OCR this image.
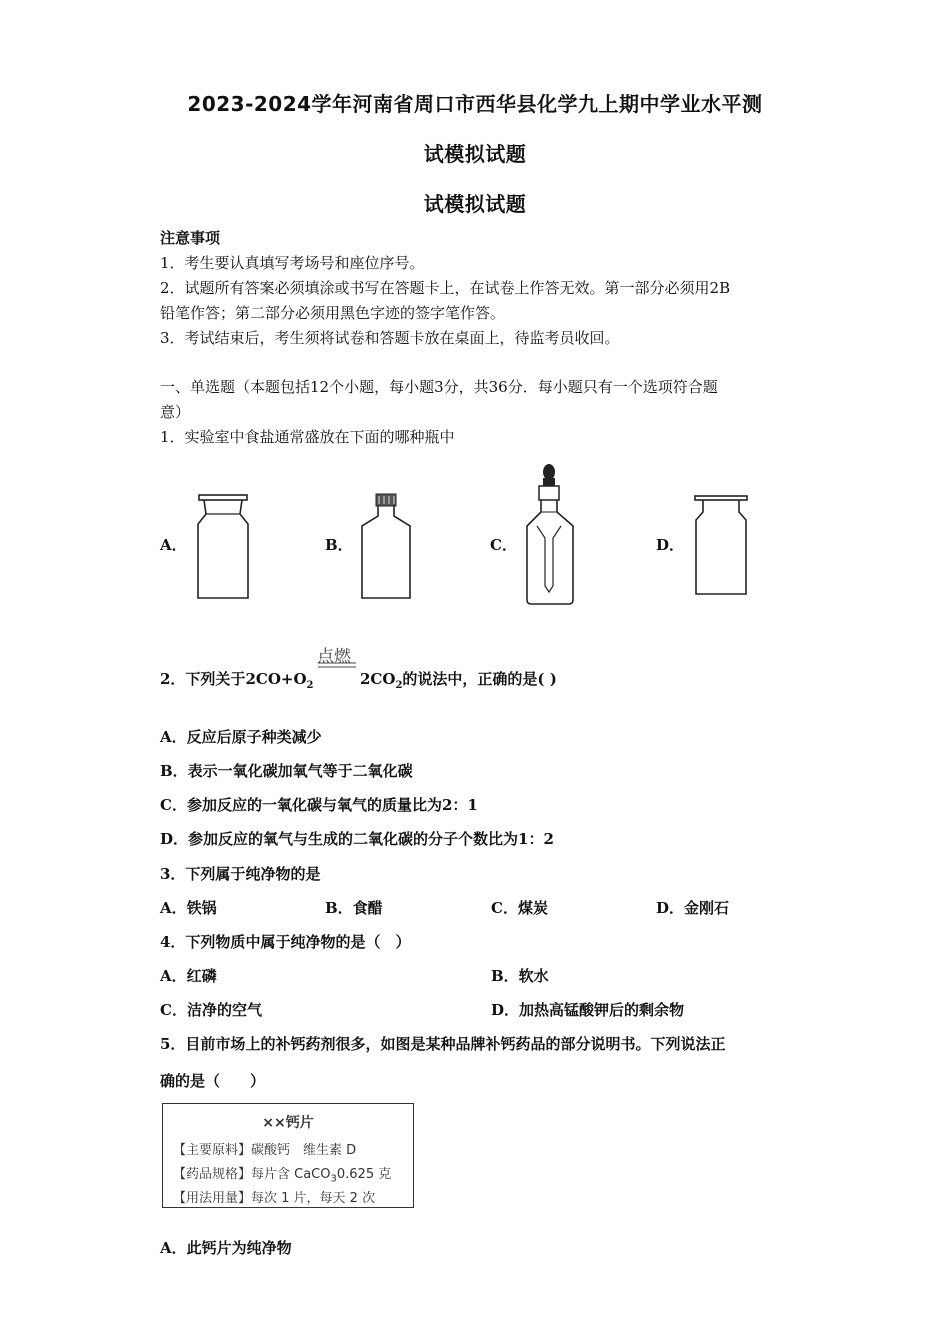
2023-2024学年河南省周口市西华县化学九上期中学业水平测
试模拟试题
试模拟试题
注意事项
1．考生要认真填写考场号和座位序号。
2．试题所有答案必须填涂或书写在答题卡上，在试卷上作答无效。第一部分必须用2B
铅笔作答；第二部分必须用黑色字迹的签字笔作答。
3．考试结束后，考生须将试卷和答题卡放在桌面上，待监考员收回。
一、单选题（本题包括12个小题，每小题3分，共36分．每小题只有一个选项符合题
意）
1．实验室中食盐通常盛放在下面的哪种瓶中
A．	B．	C．	D．
2．下列关于$2CO+O_2$
点燃
$2CO_2$的说法中，正确的是( )
A．反应后原子种类减少
B．表示一氧化碳加氧气等于二氧化碳
C．参加反应的一氧化碳与氧气的质量比为2：1
D．参加反应的氧气与生成的二氧化碳的分子个数比为1：2
3．下列属于纯净物的是
A．铁锅	B．食醋	C．煤炭	D．金刚石
4．下列物质中属于纯净物的是（　）
A．红磷	B．软水
C．洁净的空气	D．加热高锰酸钾后的剩余物
5．目前市场上的补钙药剂很多，如图是某种品牌补钙药品的部分说明书。下列说法正
确的是（　　）
××钙片
【主要原料】碳酸钙　维生素 D
【药品规格】每片含 CaCO$_3$0.625 克
【用法用量】每次 1 片，每天 2 次
A．此钙片为纯净物
